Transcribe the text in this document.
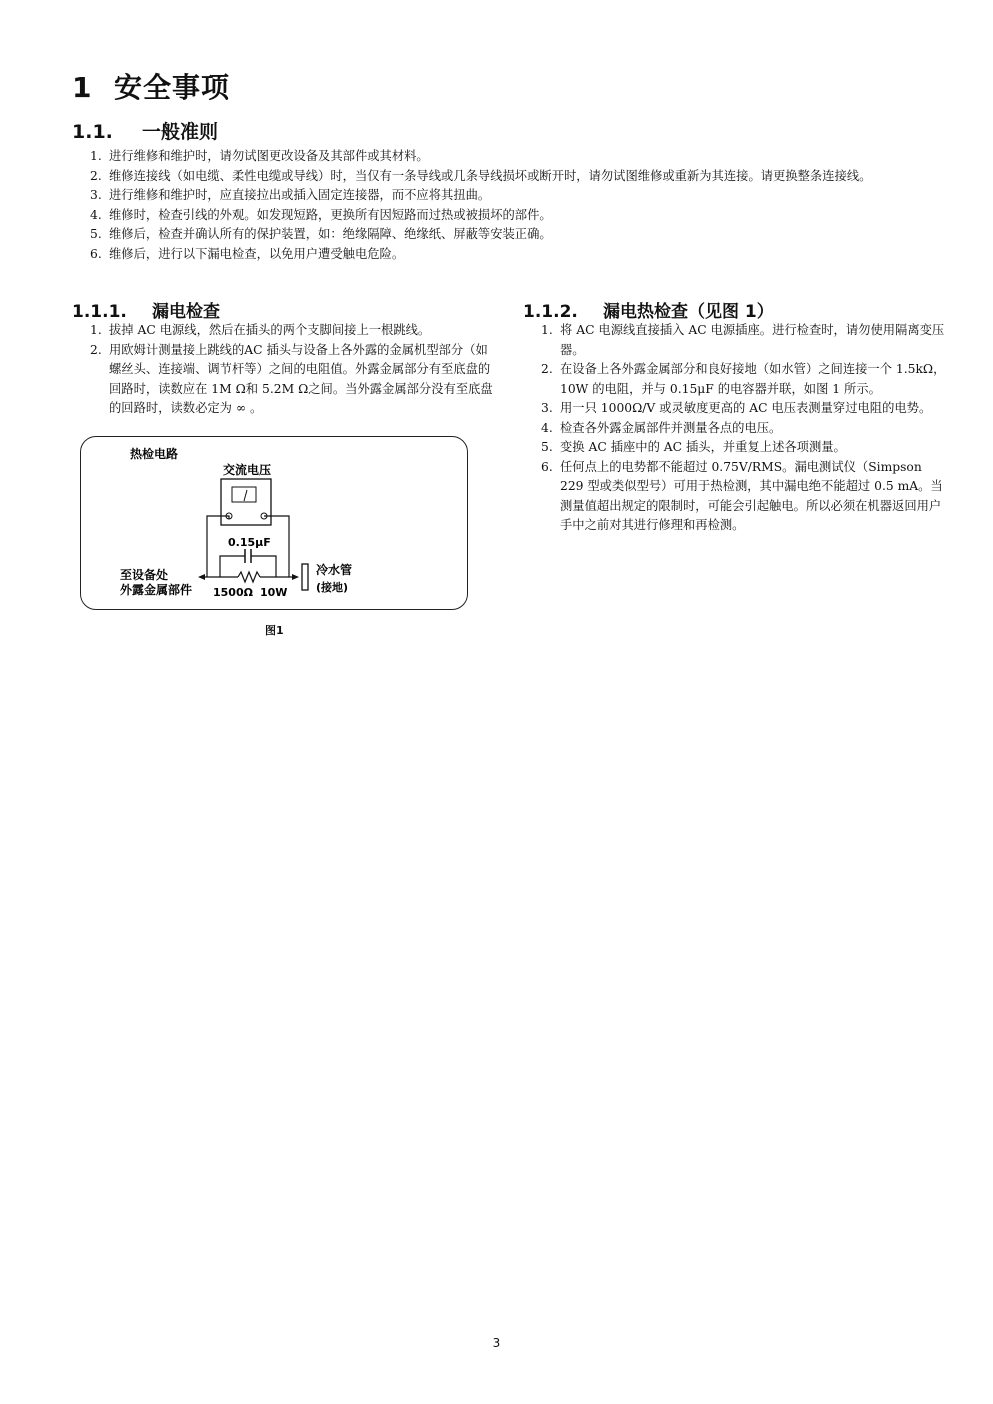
1 安全事项
1.1. 一般准则
1. 进行维修和维护时，请勿试图更改设备及其部件或其材料。
2. 维修连接线（如电缆、柔性电缆或导线）时，当仅有一条导线或几条导线损坏或断开时，请勿试图维修或重新为其连接。请更换整条连接线。
3. 进行维修和维护时，应直接拉出或插入固定连接器，而不应将其扭曲。
4. 维修时，检查引线的外观。如发现短路，更换所有因短路而过热或被损坏的部件。
5. 维修后，检查并确认所有的保护装置，如：绝缘隔障、绝缘纸、屏蔽等安装正确。
6. 维修后，进行以下漏电检查，以免用户遭受触电危险。
1.1.1. 漏电检查
1. 拔掉 AC 电源线，然后在插头的两个支脚间接上一根跳线。
2. 用欧姆计测量接上跳线的AC 插头与设备上各外露的金属机型部分（如螺丝头、连接端、调节杆等）之间的电阻值。外露金属部分有至底盘的回路时，读数应在 1M Ω和 5.2M Ω之间。当外露金属部分没有至底盘的回路时，读数必定为 ∞ 。
热检电路
交流电压
0.15μF
至设备处
外露金属部件 1500Ω 10W
冷水管
(接地)
图1
1.1.2. 漏电热检查（见图 1）
1. 将 AC 电源线直接插入 AC 电源插座。进行检查时，请勿使用隔离变压器。
2. 在设备上各外露金属部分和良好接地（如水管）之间连接一个 1.5kΩ，10W 的电阻，并与 0.15μF 的电容器并联，如图 1 所示。
3. 用一只 1000Ω/V 或灵敏度更高的 AC 电压表测量穿过电阻的电势。
4. 检查各外露金属部件并测量各点的电压。
5. 变换 AC 插座中的 AC 插头，并重复上述各项测量。
6. 任何点上的电势都不能超过 0.75V/RMS。漏电测试仪（Simpson 229 型或类似型号）可用于热检测，其中漏电绝不能超过 0.5 mA。当测量值超出规定的限制时，可能会引起触电。所以必须在机器返回用户手中之前对其进行修理和再检测。
3
